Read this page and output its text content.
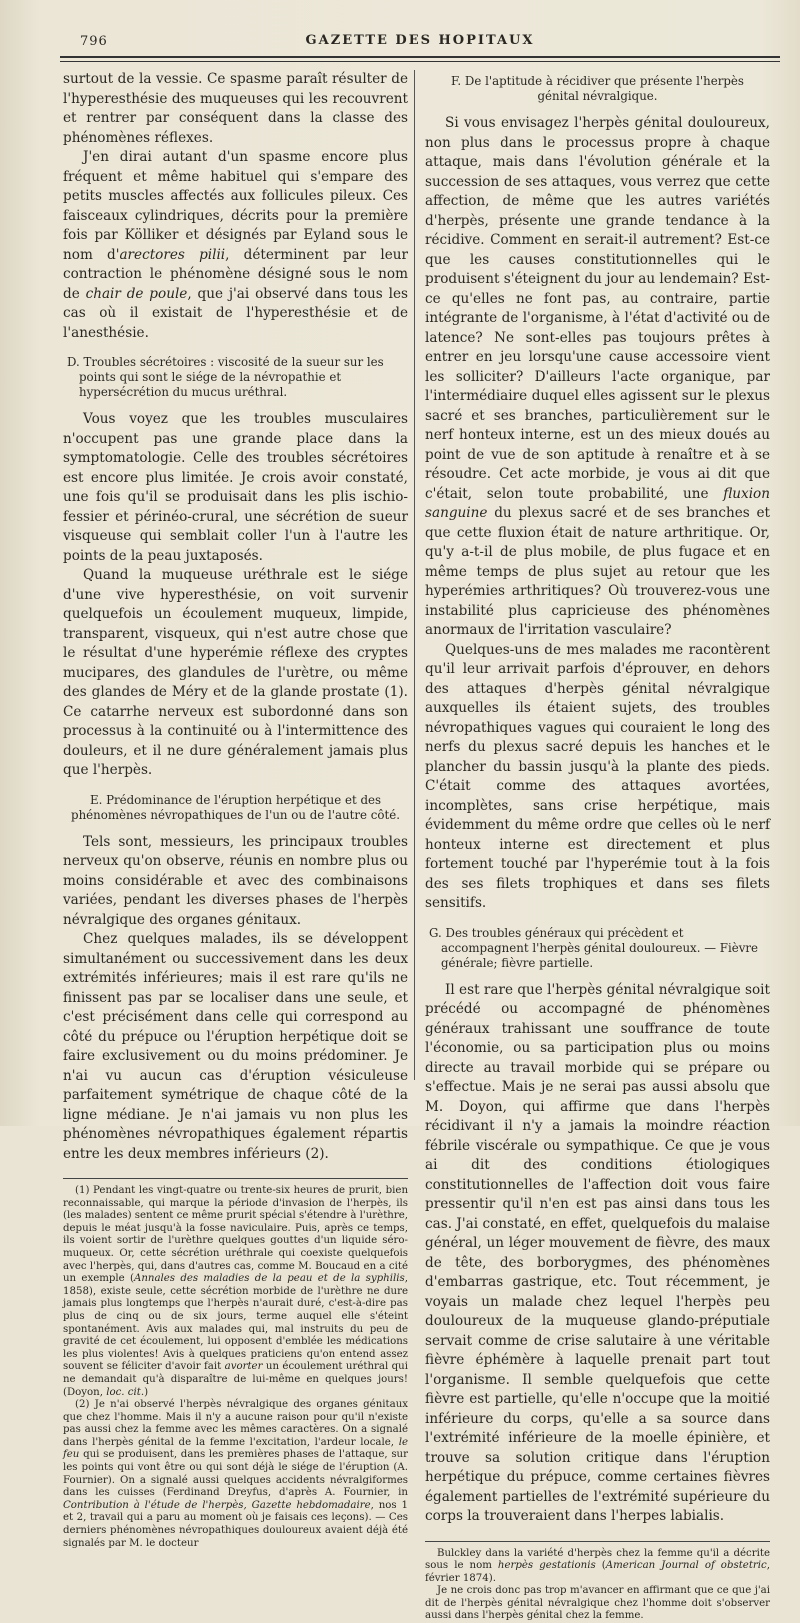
796	GAZETTE DES HOPITAUX

surtout de la vessie. Ce spasme paraît résulter de l'hyperesthésie des muqueuses qui les recouvrent et rentrer par conséquent dans la classe des phénomènes réflexes.

J'en dirai autant d'un spasme encore plus fréquent et même habituel qui s'empare des petits muscles affectés aux follicules pileux. Ces faisceaux cylindriques, décrits pour la première fois par Kölliker et désignés par Eyland sous le nom d'arectores pilii, déterminent par leur contraction le phénomène désigné sous le nom de chair de poule, que j'ai observé dans tous les cas où il existait de l'hyperesthésie et de l'anesthésie.

D. Troubles sécrétoires : viscosité de la sueur sur les points qui sont le siége de la névropathie et hypersécrétion du mucus uréthral.

Vous voyez que les troubles musculaires n'occupent pas une grande place dans la symptomatologie. Celle des troubles sécrétoires est encore plus limitée. Je crois avoir constaté, une fois qu'il se produisait dans les plis ischio-fessier et périnéo-crural, une sécrétion de sueur visqueuse qui semblait coller l'un à l'autre les points de la peau juxtaposés.

Quand la muqueuse uréthrale est le siége d'une vive hyperesthésie, on voit survenir quelquefois un écoulement muqueux, limpide, transparent, visqueux, qui n'est autre chose que le résultat d'une hyperémie réflexe des cryptes mucipares, des glandules de l'urètre, ou même des glandes de Méry et de la glande prostate (1). Ce catarrhe nerveux est subordonné dans son processus à la continuité ou à l'intermittence des douleurs, et il ne dure généralement jamais plus que l'herpès.

E. Prédominance de l'éruption herpétique et des phénomènes névropathiques de l'un ou de l'autre côté.

Tels sont, messieurs, les principaux troubles nerveux qu'on observe, réunis en nombre plus ou moins considérable et avec des combinaisons variées, pendant les diverses phases de l'herpès névralgique des organes génitaux.

Chez quelques malades, ils se développent simultanément ou successivement dans les deux extrémités inférieures; mais il est rare qu'ils ne finissent pas par se localiser dans une seule, et c'est précisément dans celle qui correspond au côté du prépuce ou l'éruption herpétique doit se faire exclusivement ou du moins prédominer. Je n'ai vu aucun cas d'éruption vésiculeuse parfaitement symétrique de chaque côté de la ligne médiane. Je n'ai jamais vu non plus les phénomènes névropathiques également répartis entre les deux membres inférieurs (2).

(1) Pendant les vingt-quatre ou trente-six heures de prurit, bien reconnaissable, qui marque la période d'invasion de l'herpès, ils (les malades) sentent ce même prurit spécial s'étendre à l'urèthre, depuis le méat jusqu'à la fosse naviculaire. Puis, après ce temps, ils voient sortir de l'urèthre quelques gouttes d'un liquide séro-muqueux. Or, cette sécrétion uréthrale qui coexiste quelquefois avec l'herpès, qui, dans d'autres cas, comme M. Boucaud en a cité un exemple (Annales des maladies de la peau et de la syphilis, 1858), existe seule, cette sécrétion morbide de l'urèthre ne dure jamais plus longtemps que l'herpès n'aurait duré, c'est-à-dire pas plus de cinq ou de six jours, terme auquel elle s'éteint spontanément. Avis aux malades qui, mal instruits du peu de gravité de cet écoulement, lui opposent d'emblée les médications les plus violentes! Avis à quelques praticiens qu'on entend assez souvent se féliciter d'avoir fait avorter un écoulement uréthral qui ne demandait qu'à disparaître de lui-même en quelques jours! (Doyon, loc. cit.)

(2) Je n'ai observé l'herpès névralgique des organes génitaux que chez l'homme. Mais il n'y a aucune raison pour qu'il n'existe pas aussi chez la femme avec les mêmes caractères. On a signalé dans l'herpès génital de la femme l'excitation, l'ardeur locale, le feu qui se produisent, dans les premières phases de l'attaque, sur les points qui vont être ou qui sont déjà le siége de l'éruption (A. Fournier). On a signalé aussi quelques accidents névralgiformes dans les cuisses (Ferdinand Dreyfus, d'après A. Fournier, in Contribution à l'étude de l'herpès, Gazette hebdomadaire, nos 1 et 2, travail qui a paru au moment où je faisais ces leçons). — Ces derniers phénomènes névropathiques douloureux avaient déjà été signalés par M. le docteur

F. De l'aptitude à récidiver que présente l'herpès génital névralgique.

Si vous envisagez l'herpès génital douloureux, non plus dans le processus propre à chaque attaque, mais dans l'évolution générale et la succession de ses attaques, vous verrez que cette affection, de même que les autres variétés d'herpès, présente une grande tendance à la récidive. Comment en serait-il autrement? Est-ce que les causes constitutionnelles qui le produisent s'éteignent du jour au lendemain? Est-ce qu'elles ne font pas, au contraire, partie intégrante de l'organisme, à l'état d'activité ou de latence? Ne sont-elles pas toujours prêtes à entrer en jeu lorsqu'une cause accessoire vient les solliciter? D'ailleurs l'acte organique, par l'intermédiaire duquel elles agissent sur le plexus sacré et ses branches, particulièrement sur le nerf honteux interne, est un des mieux doués au point de vue de son aptitude à renaître et à se résoudre. Cet acte morbide, je vous ai dit que c'était, selon toute probabilité, une fluxion sanguine du plexus sacré et de ses branches et que cette fluxion était de nature arthritique. Or, qu'y a-t-il de plus mobile, de plus fugace et en même temps de plus sujet au retour que les hyperémies arthritiques? Où trouverez-vous une instabilité plus capricieuse des phénomènes anormaux de l'irritation vasculaire?

Quelques-uns de mes malades me racontèrent qu'il leur arrivait parfois d'éprouver, en dehors des attaques d'herpès génital névralgique auxquelles ils étaient sujets, des troubles névropathiques vagues qui couraient le long des nerfs du plexus sacré depuis les hanches et le plancher du bassin jusqu'à la plante des pieds. C'était comme des attaques avortées, incomplètes, sans crise herpétique, mais évidemment du même ordre que celles où le nerf honteux interne est directement et plus fortement touché par l'hyperémie tout à la fois des ses filets trophiques et dans ses filets sensitifs.

G. Des troubles généraux qui précèdent et accompagnent l'herpès génital douloureux. — Fièvre générale; fièvre partielle.

Il est rare que l'herpès génital névralgique soit précédé ou accompagné de phénomènes généraux trahissant une souffrance de toute l'économie, ou sa participation plus ou moins directe au travail morbide qui se prépare ou s'effectue. Mais je ne serai pas aussi absolu que M. Doyon, qui affirme que dans l'herpès récidivant il n'y a jamais la moindre réaction fébrile viscérale ou sympathique. Ce que je vous ai dit des conditions étiologiques constitutionnelles de l'affection doit vous faire pressentir qu'il n'en est pas ainsi dans tous les cas. J'ai constaté, en effet, quelquefois du malaise général, un léger mouvement de fièvre, des maux de tête, des borborygmes, des phénomènes d'embarras gastrique, etc. Tout récemment, je voyais un malade chez lequel l'herpès peu douloureux de la muqueuse glando-préputiale servait comme de crise salutaire à une véritable fièvre éphémère à laquelle prenait part tout l'organisme. Il semble quelquefois que cette fièvre est partielle, qu'elle n'occupe que la moitié inférieure du corps, qu'elle a sa source dans l'extrémité inférieure de la moelle épinière, et trouve sa solution critique dans l'éruption herpétique du prépuce, comme certaines fièvres également partielles de l'extrémité supérieure du corps la trouveraient dans l'herpes labialis.

Bulckley dans la variété d'herpès chez la femme qu'il a décrite sous le nom herpès gestationis (American Journal of obstetric, février 1874).

Je ne crois donc pas trop m'avancer en affirmant que ce que j'ai dit de l'herpès génital névralgique chez l'homme doit s'observer aussi dans l'herpès génital chez la femme.
